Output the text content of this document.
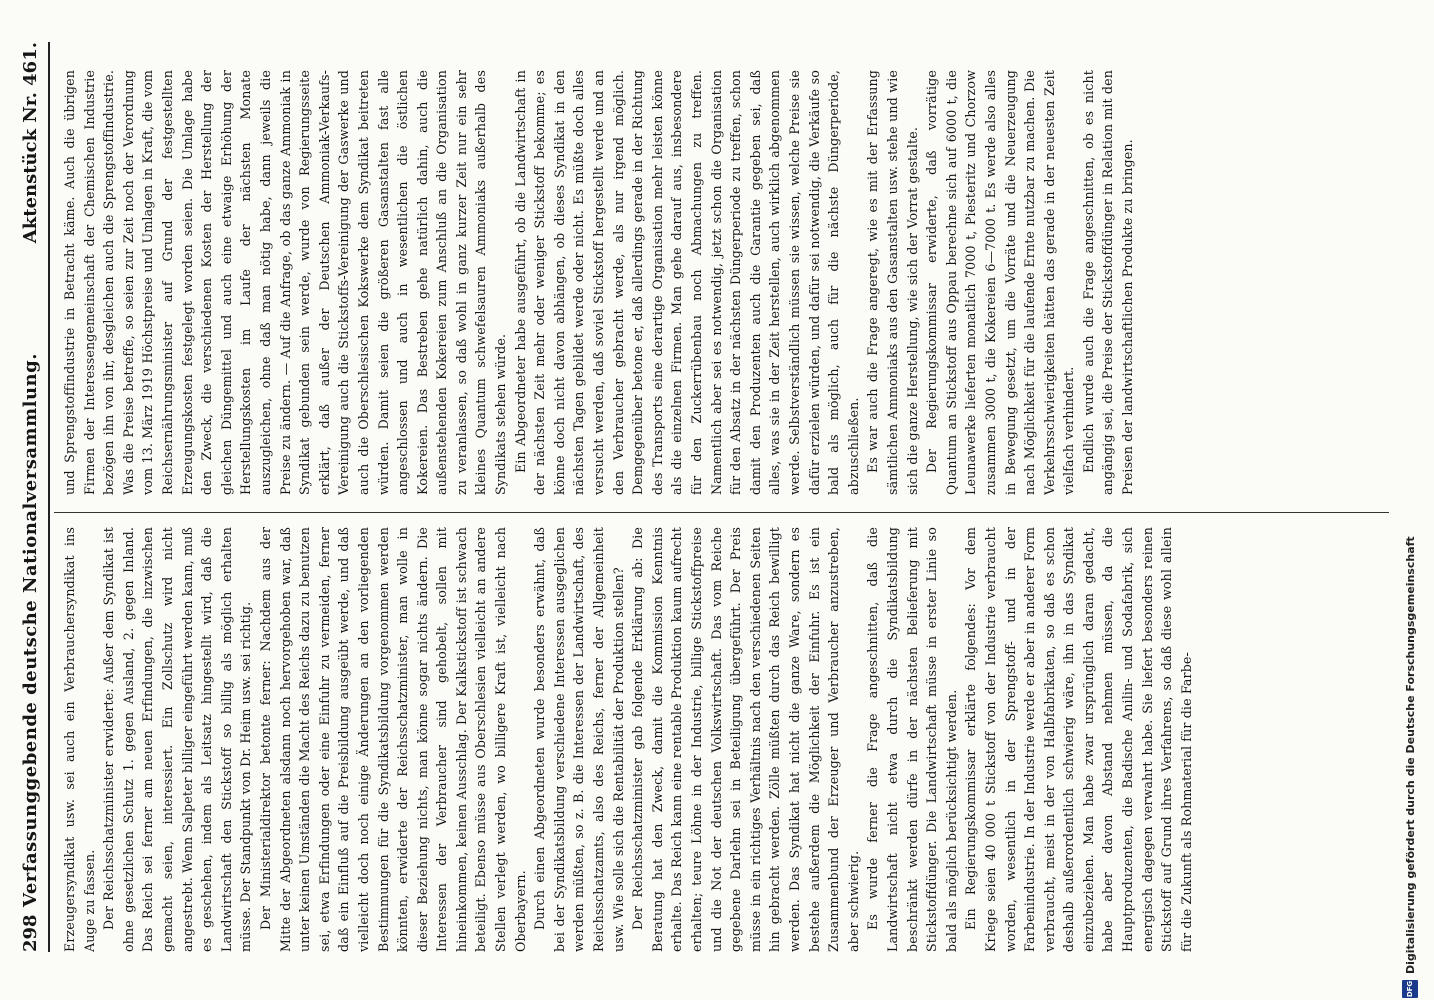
298
Verfassunggebende deutsche Nationalversammlung.
Aktenstück Nr. 461.

Erzeugersyndikat usw. sei auch ein Verbrauchersyndikat ins Auge zu fassen. Der Reichsschatzminister erwiderte: Außer dem Syndikat ist ohne gesetzlichen Schutz 1. gegen Ausland, 2. gegen Inland. Das Reich sei ferner am neuen Erfindungen, die inzwischen gemacht seien, interessiert. Ein Zollschutz wird nicht angestrebt. Wenn Salpeter billiger eingeführt werden kann, muß es geschehen, indem als Leitsatz hingestellt wird, daß die Landwirtschaft den Stickstoff so billig als möglich erhalten müsse. Der Standpunkt von Dr. Heim usw. sei richtig. Der Ministerialdirektor betonte ferner: Nachdem aus der Mitte der Abgeordneten alsdann noch hervorgehoben war, daß unter keinen Umständen die Macht des Reichs dazu zu benutzen sei, etwa Erfindungen oder eine Einfuhr zu vermeiden, ferner daß ein Einfluß auf die Preisbildung ausgeübt werde, und daß vielleicht doch noch einige Änderungen an den vorliegenden Bestimmungen für die Syndikatsbildung vorgenommen werden könnten, erwiderte der Reichsschatzminister, man wolle in dieser Beziehung nichts, man könne sogar nichts ändern. Die Interessen der Verbraucher sind gehobelt, sollen mit hineinkommen, keinen Ausschlag. Der Kalkstickstoff ist schwach beteiligt. Ebenso müsse aus Oberschlesien vielleicht an andere Stellen verlegt werden, wo billigere Kraft ist, vielleicht nach Oberbayern. Durch einen Abgeordneten wurde besonders erwähnt, daß bei der Syndikatsbildung verschiedene Interessen ausgeglichen werden müßten, so z. B. die Interessen der Landwirtschaft, des Reichsschatzamts, also des Reichs, ferner der Allgemeinheit usw. Wie solle sich die Rentabilität der Produktion stellen? Der Reichsschatzminister gab folgende Erklärung ab: Die Beratung hat den Zweck, damit die Kommission Kenntnis erhalte. Das Reich kann eine rentable Produktion kaum aufrecht erhalten; teure Löhne in der Industrie, billige Stickstoffpreise und die Not der deutschen Volkswirtschaft. Das vom Reiche gegebene Darlehn sei in Beteiligung übergeführt. Der Preis müsse in ein richtiges Verhältnis nach den verschiedenen Seiten hin gebracht werden. Zölle müßten durch das Reich bewilligt werden. Das Syndikat hat nicht die ganze Ware, sondern es bestehe außerdem die Möglichkeit der Einfuhr. Es ist ein Zusammenbund der Erzeuger und Verbraucher anzustreben, aber schwierig. Es wurde ferner die Frage angeschnitten, daß die Landwirtschaft nicht etwa durch die Syndikatsbildung beschränkt werden dürfe in der nächsten Belieferung mit Stickstoffdünger. Die Landwirtschaft müsse in erster Linie so bald als möglich berücksichtigt werden. Ein Regierungskommissar erklärte folgendes: Vor dem Kriege seien 40 000 t Stickstoff von der Industrie verbraucht worden, wesentlich in der Sprengstoff- und in der Farbenindustrie. In der Industrie werde er aber in anderer Form verbraucht, meist in der von Halbfabrikaten, so daß es schon deshalb außerordentlich schwierig wäre, ihn in das Syndikat einzubeziehen. Man habe zwar ursprünglich daran gedacht, habe aber davon Abstand nehmen müssen, da die Hauptproduzenten, die Badische Anilin- und Sodafabrik, sich energisch dagegen verwahrt habe. Sie liefert besonders reinen Stickstoff auf Grund ihres Verfahrens, so daß diese wohl allein für die Zukunft als Rohmaterial für die Farbe-

und Sprengstoffindustrie in Betracht käme. Auch die übrigen Firmen der Interessengemeinschaft der Chemischen Industrie bezögen ihn von ihr, desgleichen auch die Sprengstoffindustrie. Was die Preise betreffe, so seien zur Zeit noch der Verordnung vom 13. März 1919 Höchstpreise und Umlagen in Kraft, die vom Reichsernährungsminister auf Grund der festgestellten Erzeugungskosten festgelegt worden seien. Die Umlage habe den Zweck, die verschiedenen Kosten der Herstellung der gleichen Düngemittel und auch eine etwaige Erhöhung der Herstellungskosten im Laufe der nächsten Monate auszugleichen, ohne daß man nötig habe, dann jeweils die Preise zu ändern. — Auf die Anfrage, ob das ganze Ammoniak in Syndikat gebunden sein werde, wurde von Regierungsseite erklärt, daß außer der Deutschen Ammoniak-Verkaufs-Vereinigung auch die Stickstoffs-Vereinigung der Gaswerke und auch die Oberschlesischen Kokswerke dem Syndikat beitreten würden. Damit seien die größeren Gasanstalten fast alle angeschlossen und auch in wesentlichen die östlichen Kokereien. Das Bestreben gehe natürlich dahin, auch die außenstehenden Kokereien zum Anschluß an die Organisation zu veranlassen, so daß wohl in ganz kurzer Zeit nur ein sehr kleines Quantum schwefelsauren Ammoniaks außerhalb des Syndikats stehen würde. Ein Abgeordneter habe ausgeführt, ob die Landwirtschaft in der nächsten Zeit mehr oder weniger Stickstoff bekomme; es könne doch nicht davon abhängen, ob dieses Syndikat in den nächsten Tagen gebildet werde oder nicht. Es müßte doch alles versucht werden, daß soviel Stickstoff hergestellt werde und an den Verbraucher gebracht werde, als nur irgend möglich. Demgegenüber betone er, daß allerdings gerade in der Richtung des Transports eine derartige Organisation mehr leisten könne als die einzelnen Firmen. Man gehe darauf aus, insbesondere für den Zuckerrübenbau noch Abmachungen zu treffen. Namentlich aber sei es notwendig, jetzt schon die Organisation für den Absatz in der nächsten Düngerperiode zu treffen, schon damit den Produzenten auch die Garantie gegeben sei, daß alles, was sie in der Zeit herstellen, auch wirklich abgenommen werde. Selbstverständlich müssen sie wissen, welche Preise sie dafür erzielen würden, und dafür sei notwendig, die Verkäufe so bald als möglich, auch für die nächste Düngerperiode, abzuschließen. Es war auch die Frage angeregt, wie es mit der Erfassung sämtlichen Ammoniaks aus den Gasanstalten usw. stehe und wie sich die ganze Herstellung, wie sich der Vorrat gestalte. Der Regierungskommissar erwiderte, daß vorrätige Quantum an Stickstoff aus Oppau berechne sich auf 6000 t, die Leunawerke lieferten monatlich 7000 t, Piesteritz und Chorzow zusammen 3000 t, die Kokereien 6—7000 t. Es werde also alles in Bewegung gesetzt, um die Vorräte und die Neuerzeugung nach Möglichkeit für die laufende Ernte nutzbar zu machen. Die Verkehrsschwierigkeiten hätten das gerade in der neuesten Zeit vielfach verhindert. Endlich wurde auch die Frage angeschnitten, ob es nicht angängig sei, die Preise der Stickstoffdünger in Relation mit den Preisen der landwirtschaftlichen Produkte zu bringen.

DFG
Digitalisierung gefördert durch die Deutsche Forschungsgemeinschaft
